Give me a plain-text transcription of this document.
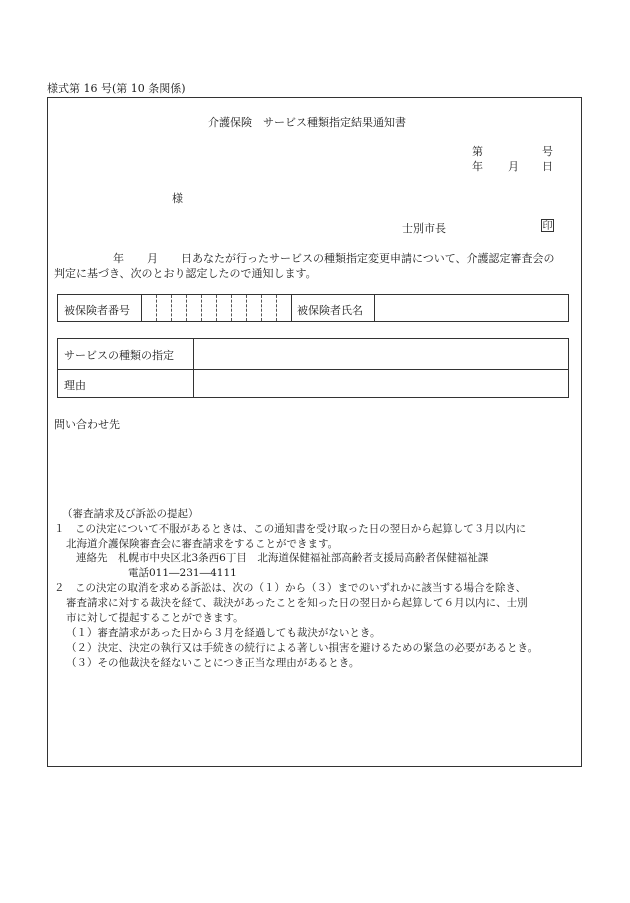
様式第 16 号(第 10 条関係)
介護保険　サービス種類指定結果通知書
第	号
年 月 日
様
士別市長	印
年 月 日あなたが行ったサービスの種類指定変更申請について、介護認定審査会の
判定に基づき、次のとおり認定したので通知します。
被保険者番号	被保険者氏名
サービスの種類の指定
理由
問い合わせ先
（審査請求及び訴訟の提起）
１　この決定について不服があるときは、この通知書を受け取った日の翌日から起算して３月以内に
北海道介護保険審査会に審査請求をすることができます。
連絡先　札幌市中央区北3条西6丁目　北海道保健福祉部高齢者支援局高齢者保健福祉課
電話011―231―4111
２　この決定の取消を求める訴訟は、次の（１）から（３）までのいずれかに該当する場合を除き、
審査請求に対する裁決を経て、裁決があったことを知った日の翌日から起算して６月以内に、士別
市に対して提起することができます。
（１）審査請求があった日から３月を経過しても裁決がないとき。
（２）決定、決定の執行又は手続きの続行による著しい損害を避けるための緊急の必要があるとき。
（３）その他裁決を経ないことにつき正当な理由があるとき。
